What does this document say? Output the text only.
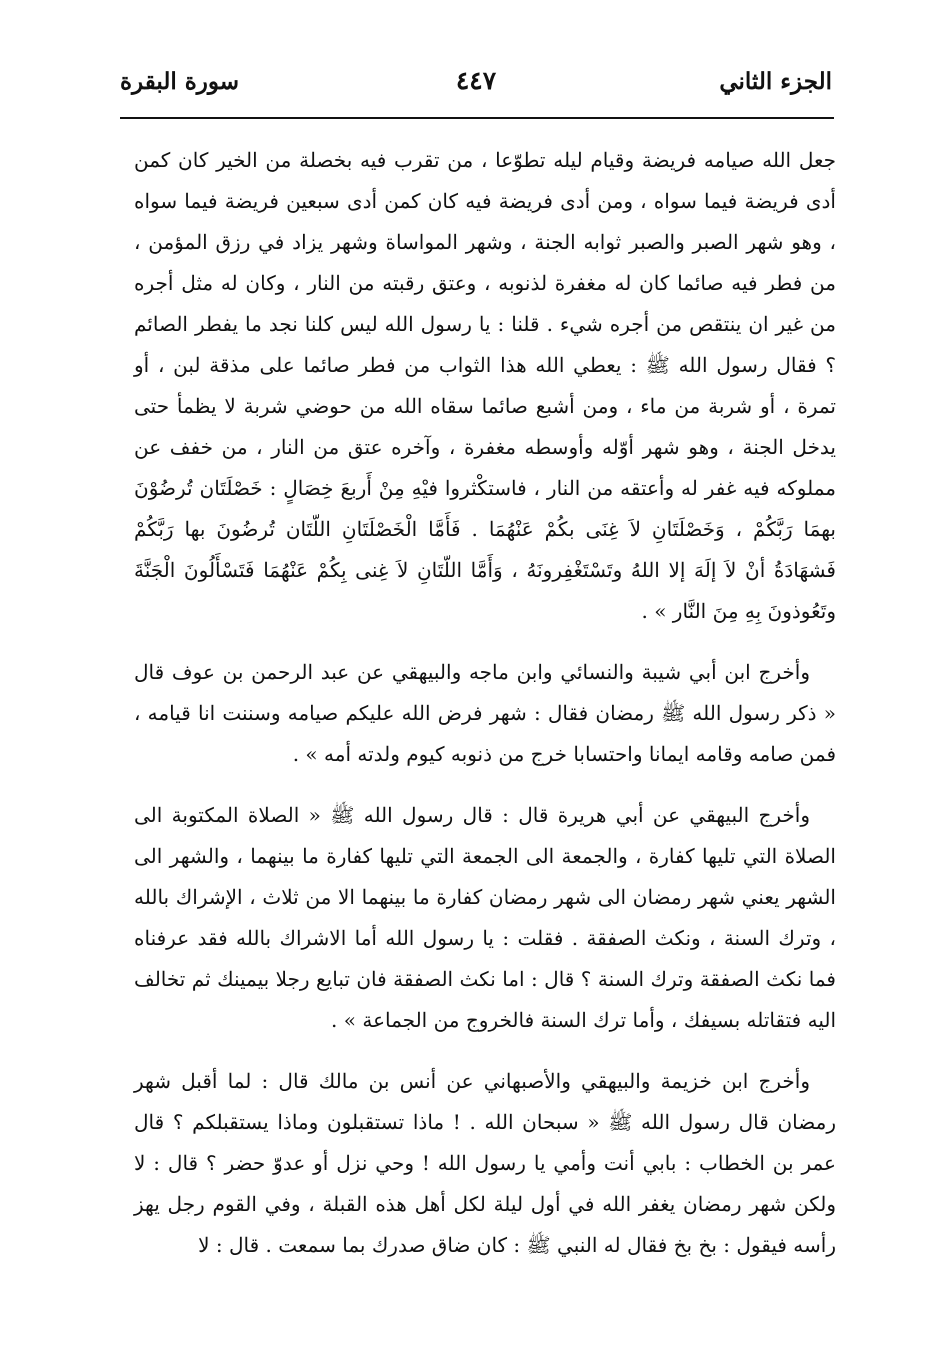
الجزء الثاني
٤٤٧
سورة البقرة

جعل الله صيامه فريضة وقيام ليله تطوّعا ، من تقرب فيه بخصلة من الخير كان كمن أدى فريضة فيما سواه ، ومن أدى فريضة فيه كان كمن أدى سبعين فريضة فيما سواه ، وهو شهر الصبر والصبر ثوابه الجنة ، وشهر المواساة وشهر يزاد في رزق المؤمن ، من فطر فيه صائما كان له مغفرة لذنوبه ، وعتق رقبته من النار ، وكان له مثل أجره من غير ان ينتقص من أجره شيء . قلنا : يا رسول الله ليس كلنا نجد ما يفطر الصائم ؟ فقال رسول الله ﷺ : يعطي الله هذا الثواب من فطر صائما على مذقة لبن ، أو تمرة ، أو شربة من ماء ، ومن أشبع صائما سقاه الله من حوضي شربة لا يظمأ حتى يدخل الجنة ، وهو شهر أوّله وأوسطه مغفرة ، وآخره عتق من النار ، من خفف عن مملوكه فيه غفر له وأعتقه من النار ، فاستكْثروا فيْهِ مِنْ أَربعَ خِصَالٍ : خَصْلَتَان تُرضُوْنَ بهمَا رَبَّكُمْ ، وَخَصْلَتَانِ لاَ غِنَى بكُمْ عَنْهُمَا . فَأَمَّا الْخَصْلَتَانِ اللّتَان تُرضُونَ بها رَبَّكُمْ فَشهَادَةُ أنْ لاَ إلَهَ إلا اللهُ وتَسْتَغْفِرونَهُ ، وَأَمَّا اللّتَانِ لاَ غِنى بِكُمْ عَنْهُمَا فَتَسْأَلُونَ الْجَنَّةَ وتَعُوذونَ بِهِ مِنَ النَّار » .

وأخرج ابن أبي شيبة والنسائي وابن ماجه والبيهقي عن عبد الرحمن بن عوف قال « ذكر رسول الله ﷺ رمضان فقال : شهر فرض الله عليكم صيامه وسننت انا قيامه ، فمن صامه وقامه ايمانا واحتسابا خرج من ذنوبه كيوم ولدته أمه » .

وأخرج البيهقي عن أبي هريرة قال : قال رسول الله ﷺ « الصلاة المكتوبة الى الصلاة التي تليها كفارة ، والجمعة الى الجمعة التي تليها كفارة ما بينهما ، والشهر الى الشهر يعني شهر رمضان الى شهر رمضان كفارة ما بينهما الا من ثلاث ، الإشراك بالله ، وترك السنة ، ونكث الصفقة . فقلت : يا رسول الله أما الاشراك بالله فقد عرفناه فما نكث الصفقة وترك السنة ؟ قال : اما نكث الصفقة فان تبايع رجلا بيمينك ثم تخالف اليه فتقاتله بسيفك ، وأما ترك السنة فالخروج من الجماعة » .

وأخرج ابن خزيمة والبيهقي والأصبهاني عن أنس بن مالك قال : لما أقبل شهر رمضان قال رسول الله ﷺ « سبحان الله . ! ماذا تستقبلون وماذا يستقبلكم ؟ قال عمر بن الخطاب : بابي أنت وأمي يا رسول الله ! وحي نزل أو عدوّ حضر ؟ قال : لا ولكن شهر رمضان يغفر الله في أول ليلة لكل أهل هذه القبلة ، وفي القوم رجل يهز رأسه فيقول : بخ بخ فقال له النبي ﷺ : كان ضاق صدرك بما سمعت . قال : لا
